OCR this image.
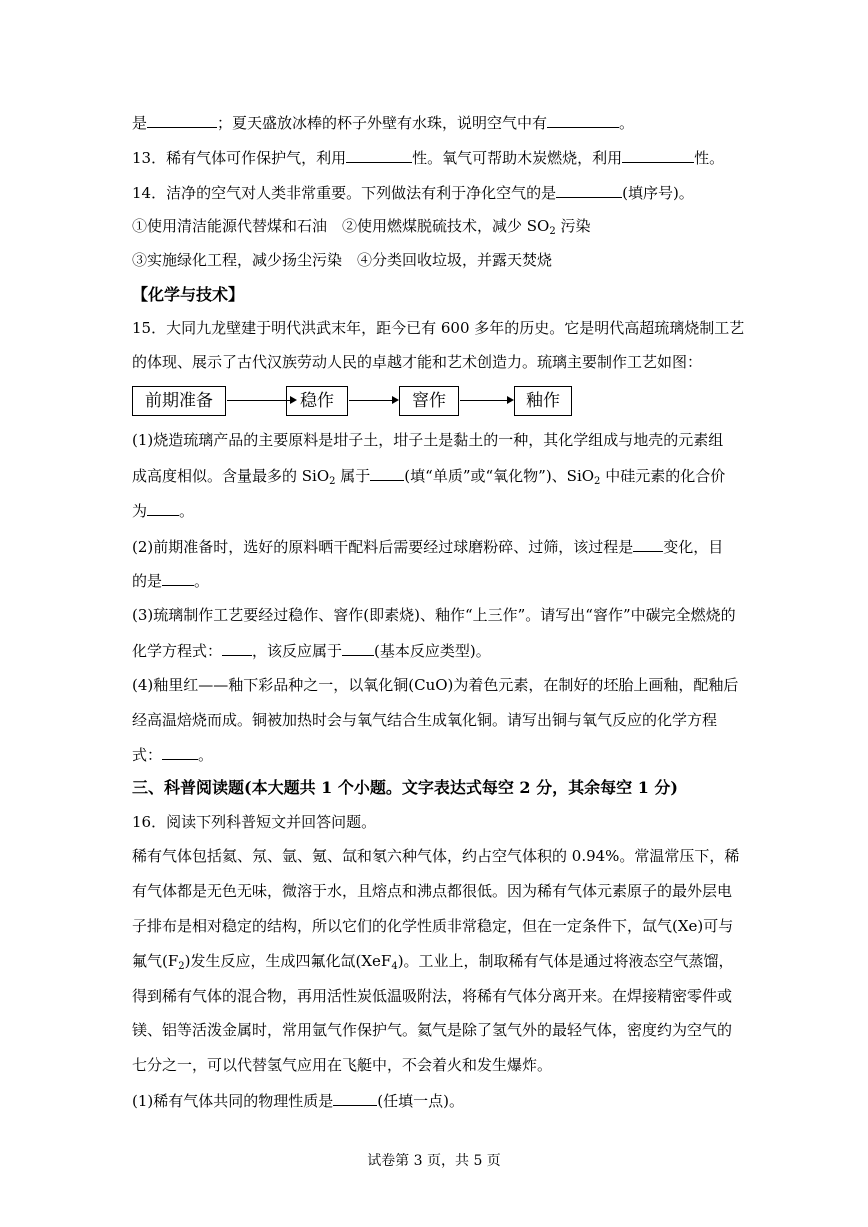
是	；夏天盛放冰棒的杯子外壁有水珠，说明空气中有	。
13．稀有气体可作保护气，利用	性。氧气可帮助木炭燃烧，利用	性。
14．洁净的空气对人类非常重要。下列做法有利于净化空气的是	(填序号)。
①使用清洁能源代替煤和石油　②使用燃煤脱硫技术，减少 $SO_2$ 污染
③实施绿化工程，减少扬尘污染　④分类回收垃圾，并露天焚烧
【化学与技术】
15．大同九龙壁建于明代洪武末年，距今已有 600 多年的历史。它是明代高超琉璃烧制工艺
的体现、展示了古代汉族劳动人民的卓越才能和艺术创造力。琉璃主要制作工艺如图：
前期准备	稳作	窨作	釉作
(1)烧造琉璃产品的主要原料是坩子土，坩子土是黏土的一种，其化学组成与地壳的元素组
成高度相似。含量最多的 SiO$_2$ 属于 (填“单质”或“氧化物”)、SiO$_2$ 中硅元素的化合价
为 。
(2)前期准备时，选好的原料晒干配料后需要经过球磨粉碎、过筛，该过程是 变化，目
的是 。
(3)琉璃制作工艺要经过稳作、窨作(即素烧)、釉作“上三作”。请写出“窨作”中碳完全燃烧的
化学方程式： ，该反应属于 (基本反应类型)。
(4)釉里红——釉下彩品种之一，以氧化铜(CuO)为着色元素，在制好的坯胎上画釉，配釉后
经高温焙烧而成。铜被加热时会与氧气结合生成氧化铜。请写出铜与氧气反应的化学方程
式： 。
三、科普阅读题(本大题共 1 个小题。文字表达式每空 2 分，其余每空 1 分)
16．阅读下列科普短文并回答问题。
稀有气体包括氦、氖、氩、氪、氙和氡六种气体，约占空气体积的 0.94%。常温常压下，稀
有气体都是无色无味，微溶于水，且熔点和沸点都很低。因为稀有气体元素原子的最外层电
子排布是相对稳定的结构，所以它们的化学性质非常稳定，但在一定条件下，氙气(Xe)可与
氟气$(F_2)$发生反应，生成四氟化氙(XeF$_4$)。工业上，制取稀有气体是通过将液态空气蒸馏，
得到稀有气体的混合物，再用活性炭低温吸附法，将稀有气体分离开来。在焊接精密零件或
镁、铝等活泼金属时，常用氩气作保护气。氦气是除了氢气外的最轻气体，密度约为空气的
七分之一，可以代替氢气应用在飞艇中，不会着火和发生爆炸。
(1)稀有气体共同的物理性质是	(任填一点)。
试卷第 3 页，共 5 页
